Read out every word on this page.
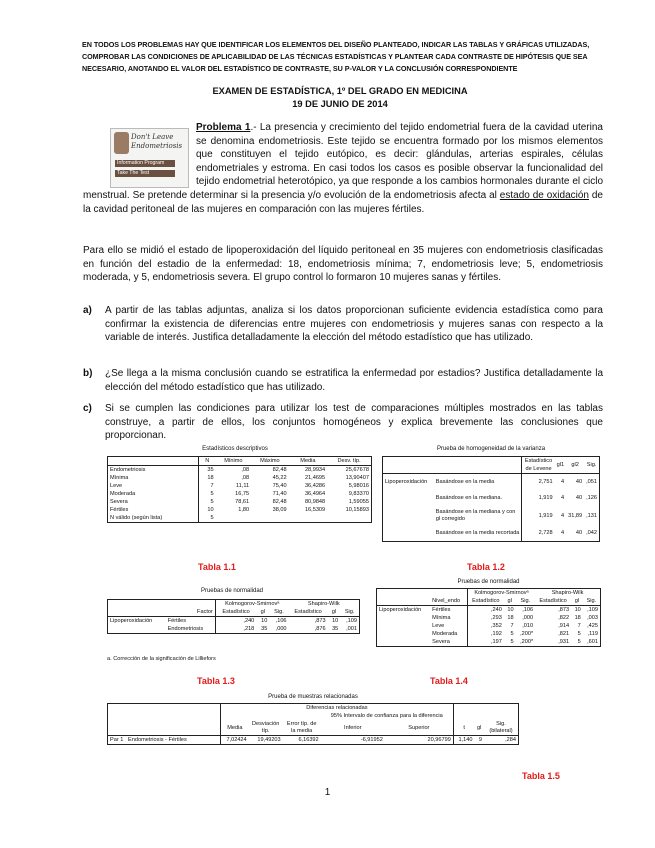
EN TODOS LOS PROBLEMAS HAY QUE IDENTIFICAR LOS ELEMENTOS DEL DISEÑO PLANTEADO, INDICAR LAS TABLAS Y GRÁFICAS UTILIZADAS, COMPROBAR LAS CONDICIONES DE APLICABILIDAD DE LAS TÉCNICAS ESTADÍSTICAS Y PLANTEAR CADA CONTRASTE DE HIPÓTESIS QUE SEA NECESARIO, ANOTANDO EL VALOR DEL ESTADÍSTICO DE CONTRASTE, SU P-VALOR Y LA CONCLUSIÓN CORRESPONDIENTE
EXAMEN DE ESTADÍSTICA, 1º DEL GRADO EN MEDICINA
19 DE JUNIO DE 2014
Don't Leave
Endometriosis
Information Program
Take The Test
Problema 1.- La presencia y crecimiento del tejido endometrial fuera de la cavidad uterina se denomina endometriosis. Este tejido se encuentra formado por los mismos elementos que constituyen el tejido eutópico, es decir: glándulas, arterias espirales, células endometriales y estroma. En casi todos los casos es posible observar la funcionalidad del tejido endometrial heterotópico, ya que responde a los cambios hormonales durante el ciclo menstrual. Se pretende determinar si la presencia y/o evolución de la endometriosis afecta al estado de oxidación de la cavidad peritoneal de las mujeres en comparación con las mujeres fértiles.
Para ello se midió el estado de lipoperoxidación del líquido peritoneal en 35 mujeres con endometriosis clasificadas en función del estadio de la enfermedad: 18, endometriosis mínima; 7, endometriosis leve; 5, endometriosis moderada, y 5, endometriosis severa. El grupo control lo formaron 10 mujeres sanas y fértiles.
a) A partir de las tablas adjuntas, analiza si los datos proporcionan suficiente evidencia estadística como para confirmar la existencia de diferencias entre mujeres con endometriosis y mujeres sanas con respecto a la variable de interés. Justifica detalladamente la elección del método estadístico que has utilizado.
b) ¿Se llega a la misma conclusión cuando se estratifica la enfermedad por estadios? Justifica detalladamente la elección del método estadístico que has utilizado.
c) Si se cumplen las condiciones para utilizar los test de comparaciones múltiples mostrados en las tablas construye, a partir de ellos, los conjuntos homogéneos y explica brevemente las conclusiones que proporcionan.
Estadísticos descriptivos
	N	Mínimo	Máximo	Media	Desv. típ.
Endometriosis	35	,08	82,48	28,9934	25,67678
Mínima	18	,08	45,22	21,4695	13,90407
Leve	7	11,11	75,40	36,4286	5,98016
Moderada	5	16,75	71,40	36,4964	9,83370
Severa	5	78,61	82,48	80,9848	1,59055
Fértiles	10	1,80	38,09	16,5309	10,15893
N válido (según lista)	5				
Tabla 1.1
Prueba de homogeneidad de la varianza
		Estadístico de Levene	gl1	gl2	Sig.
Lipoperoxidación	Basándose en la media	2,751	4	40	,051
	Basándose en la mediana.	1,919	4	40	,126
	Basándose en la mediana y con gl corregido	1,919	4	31,89	,131
	Basándose en la media recortada	2,728	4	40	,042
Tabla 1.2
Pruebas de normalidad
		Kolmogorov-Smirnovᵃ			Shapiro-Wilk		
	Factor	Estadístico	gl	Sig.	Estadístico	gl	Sig.
Lipoperoxidación	Fértiles	,240	10	,106	,873	10	,109
	Endometriosis	,218	35	,000	,876	35	,001
a. Corrección de la significación de Lilliefors
Tabla 1.3
Pruebas de normalidad
		Kolmogorov-Smirnovᵃ			Shapiro-Wilk		
	Nivel_endo	Estadístico	gl	Sig.	Estadístico	gl	Sig.
Lipoperoxidación	Fértiles	,240	10	,106	,873	10	,109
	Mínima	,293	18	,000	,822	18	,003
	Leve	,352	7	,010	,914	7	,425
	Moderada	,192	5	,200*	,821	5	,119
	Severa	,197	5	,200*	,931	5	,601
Tabla 1.4
Prueba de muestras relacionadas
	Diferencias relacionadas							
				95% Intervalo de confianza para la diferencia				
	Media	Desviación típ.	Error típ. de la media	Inferior	Superior	t	gl	Sig. (bilateral)
Par 1 Endometriosis - Fértiles	7,02424	19,49203	6,16392	-6,91952	20,96799	1,140	9	,284
Tabla 1.5
1
